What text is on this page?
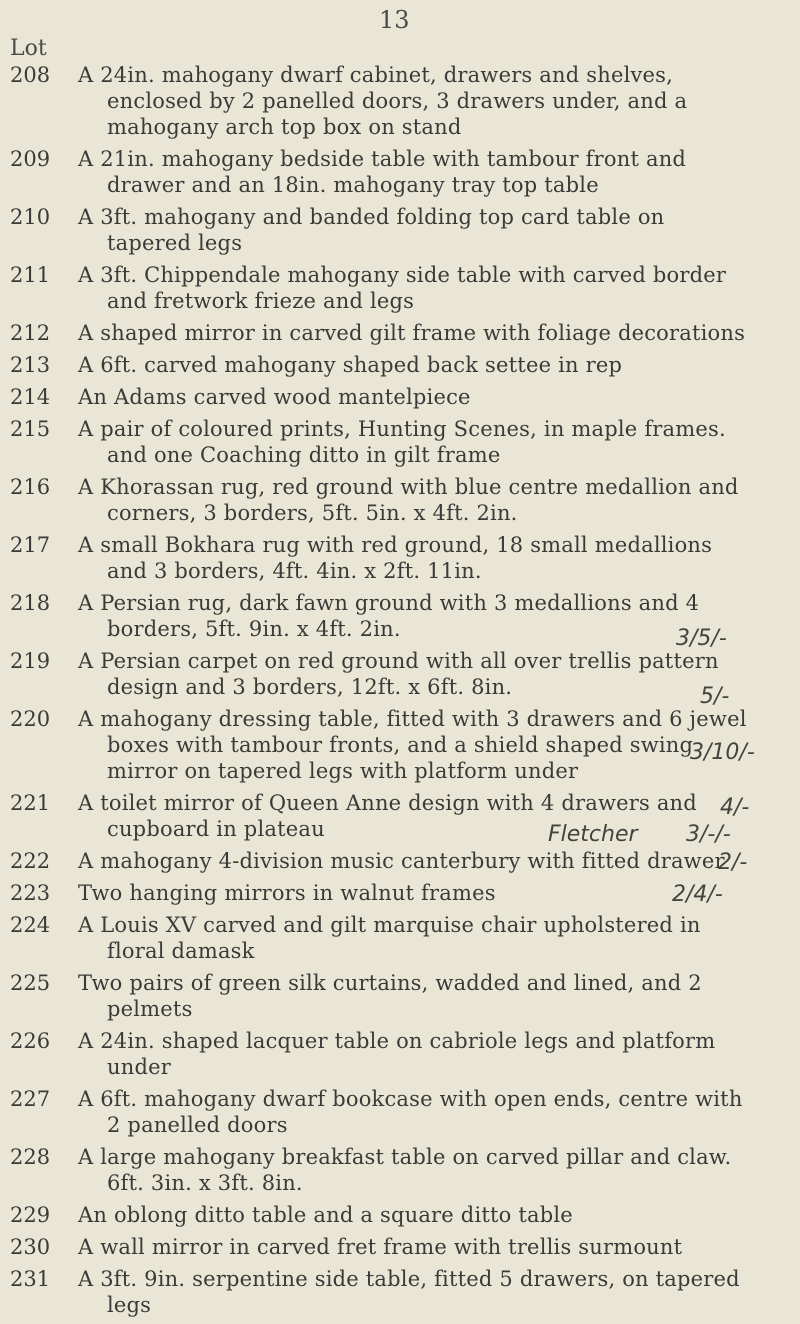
13
Lot
208 A 24in. mahogany dwarf cabinet, drawers and shelves, enclosed by 2 panelled doors, 3 drawers under, and a mahogany arch top box on stand
209 A 21in. mahogany bedside table with tambour front and drawer and an 18in. mahogany tray top table
210 A 3ft. mahogany and banded folding top card table on tapered legs
211 A 3ft. Chippendale mahogany side table with carved border and fretwork frieze and legs
212 A shaped mirror in carved gilt frame with foliage decorations
213 A 6ft. carved mahogany shaped back settee in rep
214 An Adams carved wood mantelpiece
215 A pair of coloured prints, Hunting Scenes, in maple frames. and one Coaching ditto in gilt frame
216 A Khorassan rug, red ground with blue centre medallion and corners, 3 borders, 5ft. 5in. x 4ft. 2in.
217 A small Bokhara rug with red ground, 18 small medallions and 3 borders, 4ft. 4in. x 2ft. 11in.
218 A Persian rug, dark fawn ground with 3 medallions and 4 borders, 5ft. 9in. x 4ft. 2in.
219 A Persian carpet on red ground with all over trellis pattern design and 3 borders, 12ft. x 6ft. 8in.
220 A mahogany dressing table, fitted with 3 drawers and 6 jewel boxes with tambour fronts, and a shield shaped swing mirror on tapered legs with platform under
221 A toilet mirror of Queen Anne design with 4 drawers and cupboard in plateau
222 A mahogany 4-division music canterbury with fitted drawer
223 Two hanging mirrors in walnut frames
224 A Louis XV carved and gilt marquise chair upholstered in floral damask
225 Two pairs of green silk curtains, wadded and lined, and 2 pelmets
226 A 24in. shaped lacquer table on cabriole legs and platform under
227 A 6ft. mahogany dwarf bookcase with open ends, centre with 2 panelled doors
228 A large mahogany breakfast table on carved pillar and claw. 6ft. 3in. x 3ft. 8in.
229 An oblong ditto table and a square ditto table
230 A wall mirror in carved fret frame with trellis surmount
231 A 3ft. 9in. serpentine side table, fitted 5 drawers, on tapered legs
3/5/-
5/-
3/10/-
4/-
3/-/-
Fletcher
2/-
2/4/-
